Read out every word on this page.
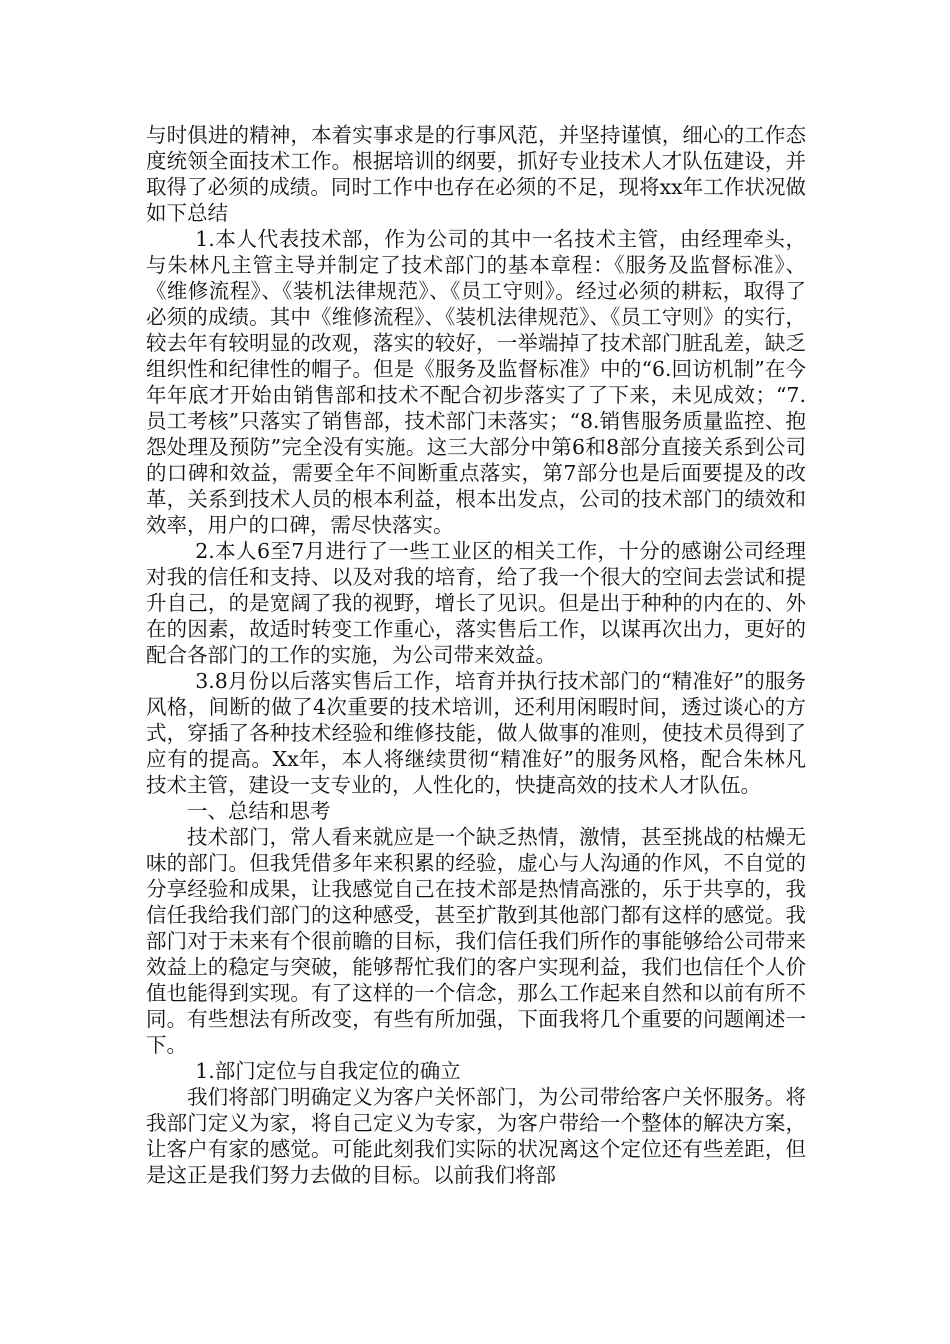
与时俱进的精神，本着实事求是的行事风范，并坚持谨慎，细心的工作态度统领全面技术工作。根据培训的纲要，抓好专业技术人才队伍建设，并取得了必须的成绩。同时工作中也存在必须的不足，现将xx年工作状况做如下总结

1.本人代表技术部，作为公司的其中一名技术主管，由经理牵头，与朱林凡主管主导并制定了技术部门的基本章程：《服务及监督标准》、《维修流程》、《装机法律规范》、《员工守则》。经过必须的耕耘，取得了必须的成绩。其中《维修流程》、《装机法律规范》、《员工守则》的实行，较去年有较明显的改观，落实的较好，一举端掉了技术部门脏乱差，缺乏组织性和纪律性的帽子。但是《服务及监督标准》中的“6.回访机制”在今年年底才开始由销售部和技术不配合初步落实了了下来，未见成效；“7.员工考核”只落实了销售部，技术部门未落实；“8.销售服务质量监控、抱怨处理及预防”完全没有实施。这三大部分中第6和8部分直接关系到公司的口碑和效益，需要全年不间断重点落实，第7部分也是后面要提及的改革，关系到技术人员的根本利益，根本出发点，公司的技术部门的绩效和效率，用户的口碑，需尽快落实。

2.本人6至7月进行了一些工业区的相关工作，十分的感谢公司经理对我的信任和支持、以及对我的培育，给了我一个很大的空间去尝试和提升自己，的是宽阔了我的视野，增长了见识。但是出于种种的内在的、外在的因素，故适时转变工作重心，落实售后工作，以谋再次出力，更好的配合各部门的工作的实施，为公司带来效益。

3.8月份以后落实售后工作，培育并执行技术部门的“精准好”的服务风格，间断的做了4次重要的技术培训，还利用闲暇时间，透过谈心的方式，穿插了各种技术经验和维修技能，做人做事的准则，使技术员得到了应有的提高。Xx年，本人将继续贯彻“精准好”的服务风格，配合朱林凡技术主管，建设一支专业的，人性化的，快捷高效的技术人才队伍。

一、总结和思考

技术部门，常人看来就应是一个缺乏热情，激情，甚至挑战的枯燥无味的部门。但我凭借多年来积累的经验，虚心与人沟通的作风，不自觉的分享经验和成果，让我感觉自己在技术部是热情高涨的，乐于共享的，我信任我给我们部门的这种感受，甚至扩散到其他部门都有这样的感觉。我部门对于未来有个很前瞻的目标，我们信任我们所作的事能够给公司带来效益上的稳定与突破，能够帮忙我们的客户实现利益，我们也信任个人价值也能得到实现。有了这样的一个信念，那么工作起来自然和以前有所不同。有些想法有所改变，有些有所加强，下面我将几个重要的问题阐述一下。

1.部门定位与自我定位的确立

我们将部门明确定义为客户关怀部门，为公司带给客户关怀服务。将我部门定义为家，将自己定义为专家，为客户带给一个整体的解决方案，让客户有家的感觉。可能此刻我们实际的状况离这个定位还有些差距，但是这正是我们努力去做的目标。以前我们将部
